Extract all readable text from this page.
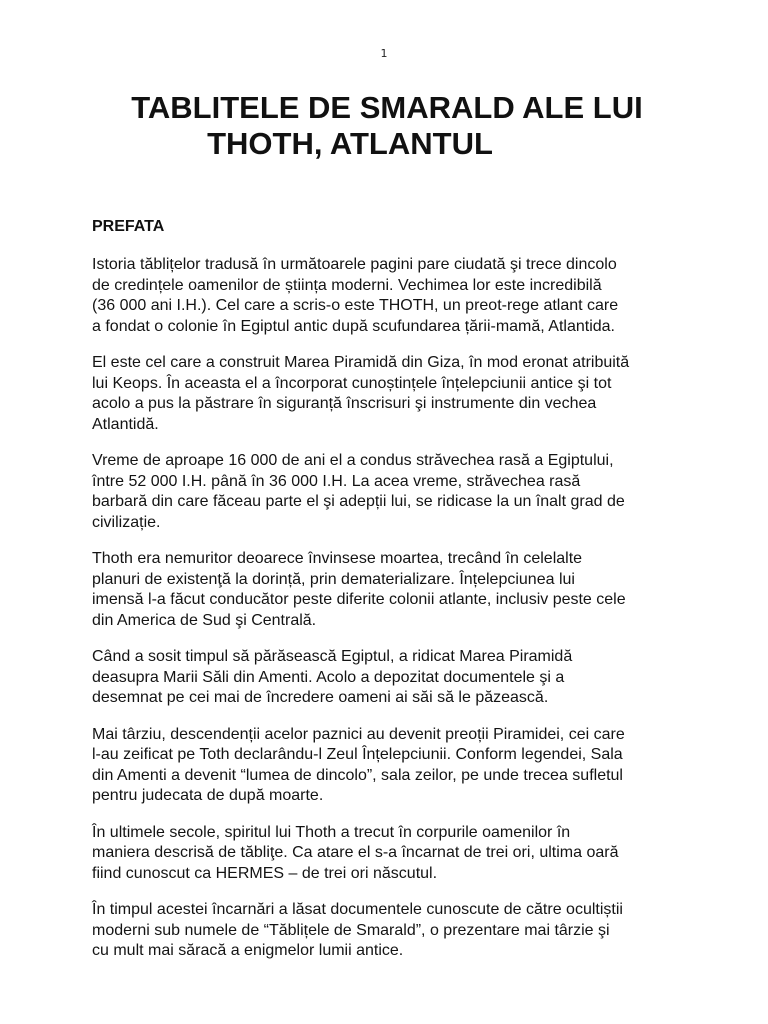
1
TABLITELE DE SMARALD ALE LUI
THOTH, ATLANTUL
PREFATA

Istoria tăblițelor tradusă în următoarele pagini pare ciudată şi trece dincolo
de credințele oamenilor de știința moderni. Vechimea lor este incredibilă
(36 000 ani I.H.). Cel care a scris-o este THOTH, un preot-rege atlant care
a fondat o colonie în Egiptul antic după scufundarea țării-mamă, Atlantida.

El este cel care a construit Marea Piramidă din Giza, în mod eronat atribuită
lui Keops. În aceasta el a încorporat cunoștințele înțelepciunii antice şi tot
acolo a pus la păstrare în siguranță înscrisuri şi instrumente din vechea
Atlantidă.

Vreme de aproape 16 000 de ani el a condus străvechea rasă a Egiptului,
între 52 000 I.H. până în 36 000 I.H. La acea vreme, străvechea rasă
barbară din care făceau parte el şi adepții lui, se ridicase la un înalt grad de
civilizație.

Thoth era nemuritor deoarece învinsese moartea, trecând în celelalte
planuri de existenţă la dorință, prin dematerializare. Înțelepciunea lui
imensă l-a făcut conducător peste diferite colonii atlante, inclusiv peste cele
din America de Sud şi Centrală.

Când a sosit timpul să părăsească Egiptul, a ridicat Marea Piramidă
deasupra Marii Săli din Amenti. Acolo a depozitat documentele şi a
desemnat pe cei mai de încredere oameni ai săi să le păzească.

Mai târziu, descendenții acelor paznici au devenit preoții Piramidei, cei care
l-au zeificat pe Toth declarându-l Zeul Înțelepciunii. Conform legendei, Sala
din Amenti a devenit “lumea de dincolo”, sala zeilor, pe unde trecea sufletul
pentru judecata de după moarte.

În ultimele secole, spiritul lui Thoth a trecut în corpurile oamenilor în
maniera descrisă de tăbliţe. Ca atare el s-a încarnat de trei ori, ultima oară
fiind cunoscut ca HERMES – de trei ori născutul.

În timpul acestei încarnări a lăsat documentele cunoscute de către ocultiștii
moderni sub numele de “Tăblițele de Smarald”, o prezentare mai târzie şi
cu mult mai săracă a enigmelor lumii antice.
